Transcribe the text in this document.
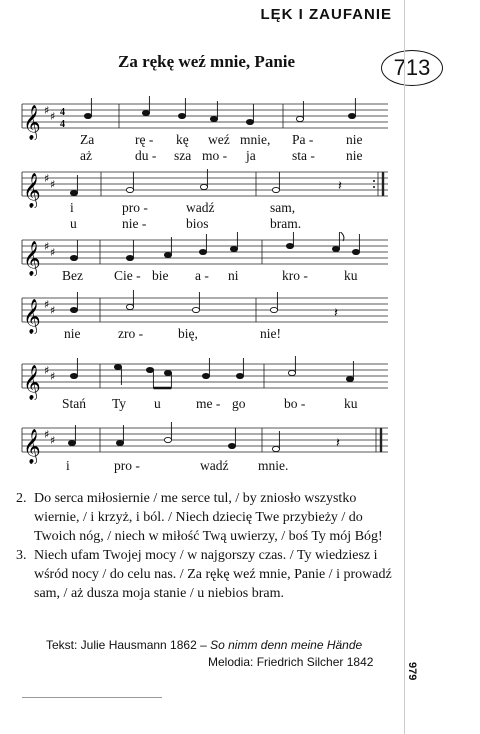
LĘK I ZAUFANIE
Za rękę weź mnie, Panie	713
𝄞 ♯ ♯ 4
4
Za	rę - kę weź mnie, Pa - nie
aż	du - sza mo - ja	sta - nie
𝄞 ♯ ♯	𝄽
i	pro -	wadź	sam,
u	nie -	bios	bram.
𝄞 ♯ ♯
Bez Cie - bie a - ni	kro -	ku
𝄞 ♯ ♯	𝄽
nie	zro -	bię,	nie!
𝄞 ♯ ♯
Stań Ty u	me - go	bo -	ku
𝄞 ♯ ♯	𝄽
i	pro -	wadź mnie.

2. Do serca miłosiernie / me serce tul, / by zniosło wszystko wiernie, / i krzyż, i ból. / Niech dziecię Twe przybieży / do Twoich nóg, / niech w miłość Twą uwierzy, / boś Ty mój Bóg!

3. Niech ufam Twojej mocy / w najgorszy czas. / Ty wiedziesz i wśród nocy / do celu nas. / Za rękę weź mnie, Panie / i prowadź sam, / aż dusza moja stanie / u niebios bram.

Tekst: Julie Hausmann 1862 – So nimm denn meine Hände
Melodia: Friedrich Silcher 1842	979
